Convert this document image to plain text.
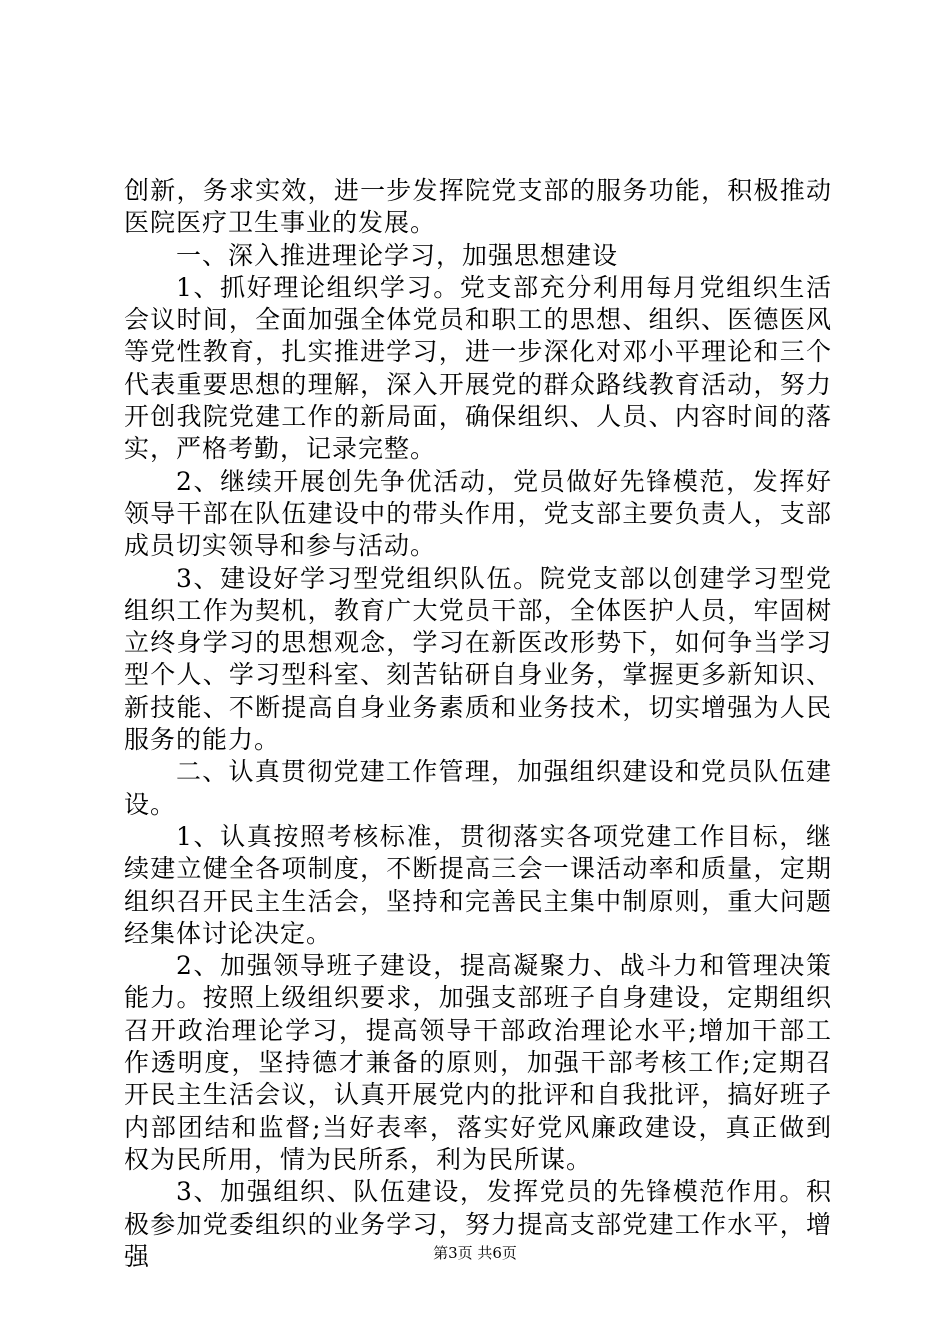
创新，务求实效，进一步发挥院党支部的服务功能，积极推动医院医疗卫生事业的发展。

一、深入推进理论学习，加强思想建设

1、抓好理论组织学习。党支部充分利用每月党组织生活会议时间，全面加强全体党员和职工的思想、组织、医德医风等党性教育，扎实推进学习，进一步深化对邓小平理论和三个代表重要思想的理解，深入开展党的群众路线教育活动，努力开创我院党建工作的新局面，确保组织、人员、内容时间的落实，严格考勤，记录完整。

2、继续开展创先争优活动，党员做好先锋模范，发挥好领导干部在队伍建设中的带头作用，党支部主要负责人，支部成员切实领导和参与活动。

3、建设好学习型党组织队伍。院党支部以创建学习型党组织工作为契机，教育广大党员干部，全体医护人员，牢固树立终身学习的思想观念，学习在新医改形势下，如何争当学习型个人、学习型科室、刻苦钻研自身业务，掌握更多新知识、新技能、不断提高自身业务素质和业务技术，切实增强为人民服务的能力。

二、认真贯彻党建工作管理，加强组织建设和党员队伍建设。

1、认真按照考核标准，贯彻落实各项党建工作目标，继续建立健全各项制度，不断提高三会一课活动率和质量，定期组织召开民主生活会，坚持和完善民主集中制原则，重大问题经集体讨论决定。

2、加强领导班子建设，提高凝聚力、战斗力和管理决策能力。按照上级组织要求，加强支部班子自身建设，定期组织召开政治理论学习，提高领导干部政治理论水平;增加干部工作透明度，坚持德才兼备的原则，加强干部考核工作;定期召开民主生活会议，认真开展党内的批评和自我批评，搞好班子内部团结和监督;当好表率，落实好党风廉政建设，真正做到权为民所用，情为民所系，利为民所谋。

3、加强组织、队伍建设，发挥党员的先锋模范作用。积极参加党委组织的业务学习，努力提高支部党建工作水平，增强	第3页 共6页
